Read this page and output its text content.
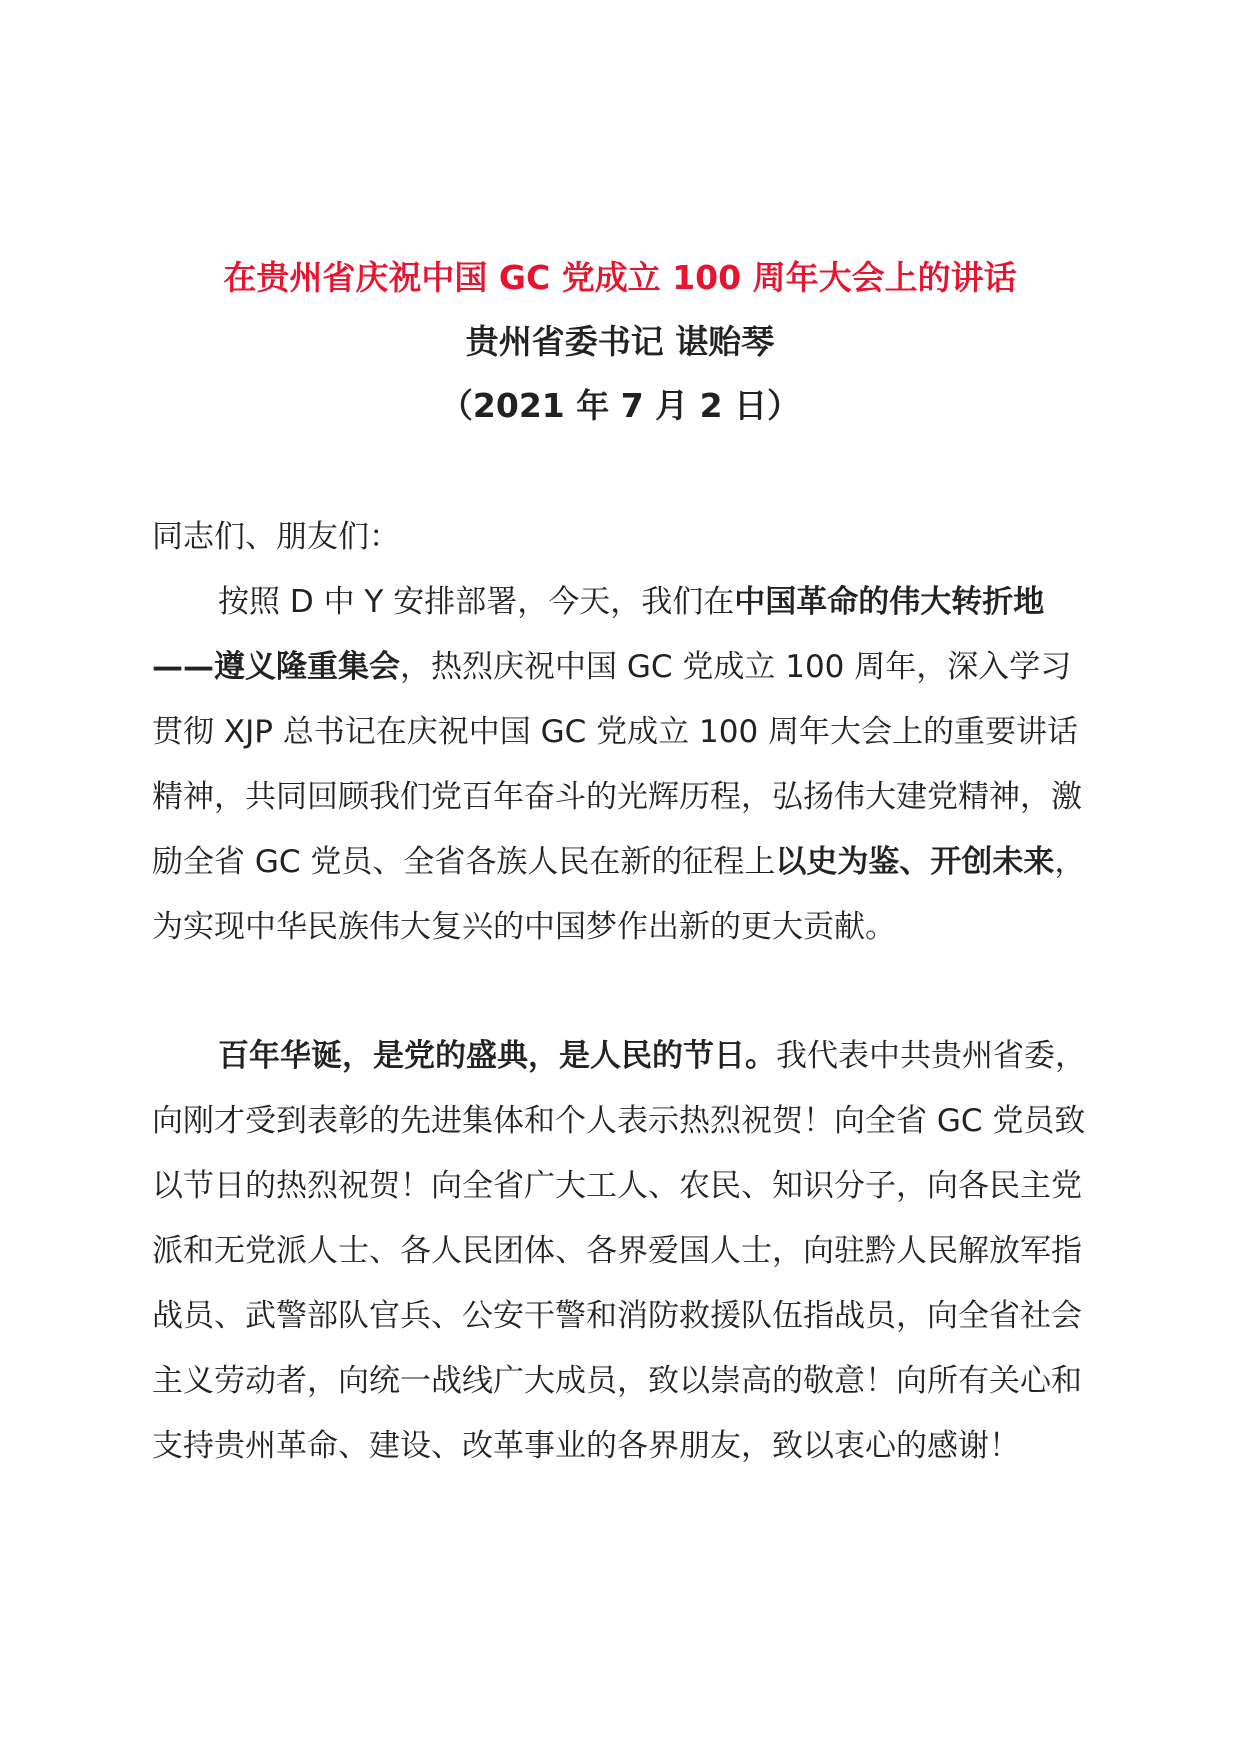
在贵州省庆祝中国 GC 党成立 100 周年大会上的讲话
贵州省委书记 谌贻琴
（2021 年 7 月 2 日）

同志们、朋友们：

按照 D 中 Y 安排部署，今天，我们在中国革命的伟大转折地——遵义隆重集会，热烈庆祝中国 GC 党成立 100 周年，深入学习贯彻 XJP 总书记在庆祝中国 GC 党成立 100 周年大会上的重要讲话精神，共同回顾我们党百年奋斗的光辉历程，弘扬伟大建党精神，激励全省 GC 党员、全省各族人民在新的征程上以史为鉴、开创未来，为实现中华民族伟大复兴的中国梦作出新的更大贡献。

百年华诞，是党的盛典，是人民的节日。我代表中共贵州省委，向刚才受到表彰的先进集体和个人表示热烈祝贺！向全省 GC 党员致以节日的热烈祝贺！向全省广大工人、农民、知识分子，向各民主党派和无党派人士、各人民团体、各界爱国人士，向驻黔人民解放军指战员、武警部队官兵、公安干警和消防救援队伍指战员，向全省社会主义劳动者，向统一战线广大成员，致以崇高的敬意！向所有关心和支持贵州革命、建设、改革事业的各界朋友，致以衷心的感谢！
